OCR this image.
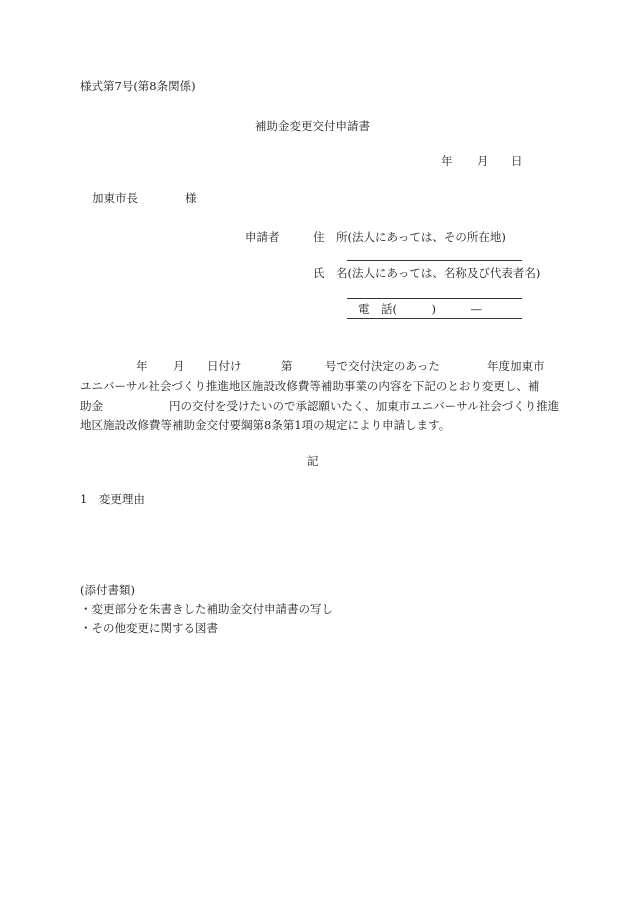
様式第7号(第8条関係)
補助金変更交付申請書
年 月 日
加東市長	様
申請者	住　所(法人にあっては、その所在地)
氏　名(法人にあっては、名称及び代表者名)
電　話(　　　)　　　—
年 月 日付け	第	号で交付決定のあった	年度加東市
ユニバーサル社会づくり推進地区施設改修費等補助事業の内容を下記のとおり変更し、補
助金	円の交付を受けたいので承認願いたく、加東市ユニバーサル社会づくり推進
地区施設改修費等補助金交付要綱第8条第1項の規定により申請します。
記
1　変更理由
(添付書類)
・変更部分を朱書きした補助金交付申請書の写し
・その他変更に関する図書
